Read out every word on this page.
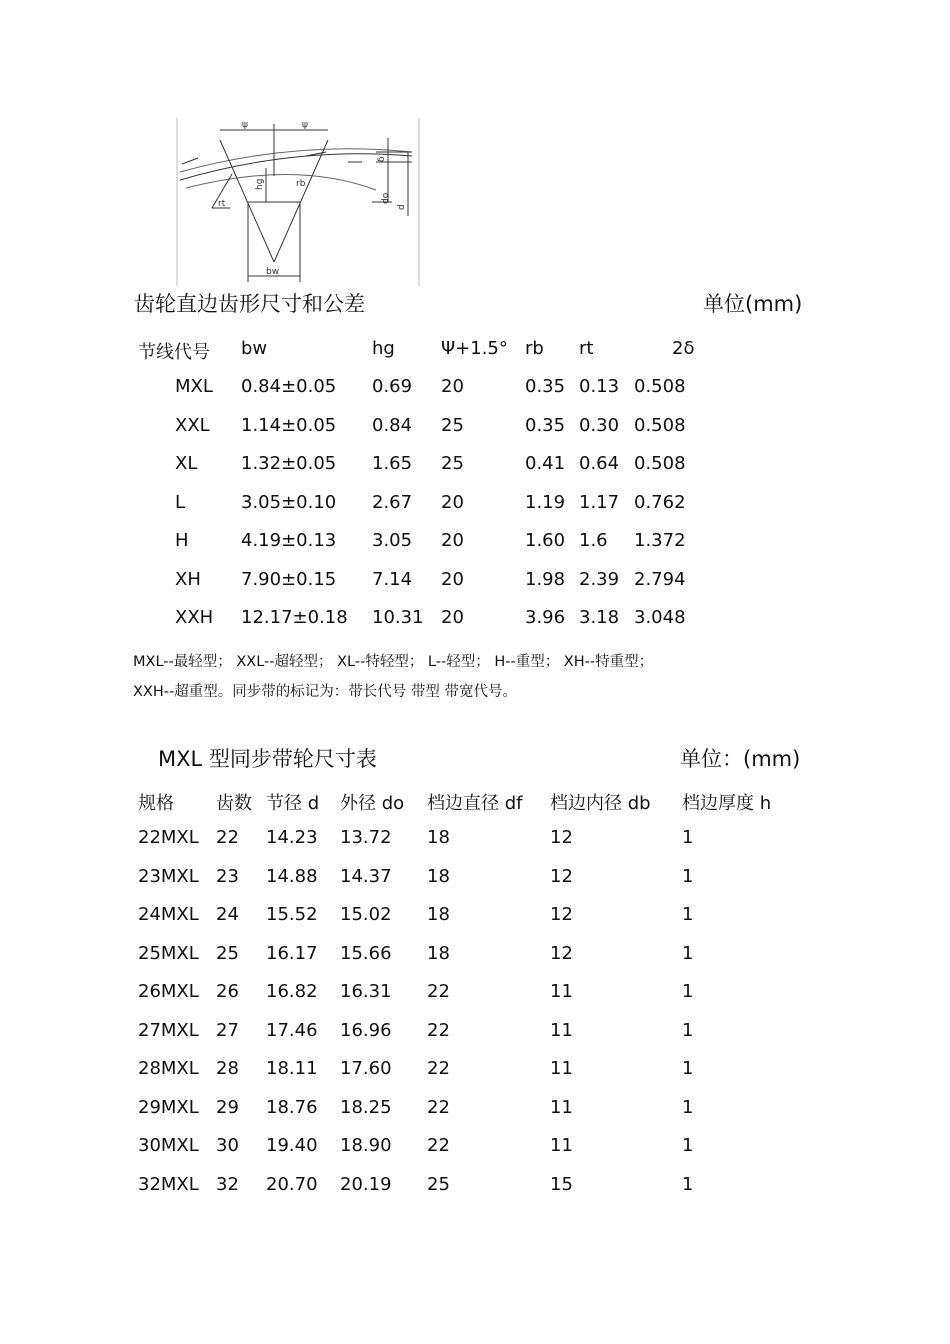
ψ	ψ
hg	rb
rt
bw
do
d
δ
齿轮直边齿形尺寸和公差	单位(mm)
节线代号 bw	hg	Ψ+1.5° rb rt	2δ
MXL 0.84±0.05 0.69 20	0.35 0.13 0.508
XXL 1.14±0.05 0.84 25	0.35 0.30 0.508
XL 1.32±0.05 1.65 25	0.41 0.64 0.508
L	3.05±0.10 2.67 20	1.19 1.17 0.762
H	4.19±0.13 3.05 20	1.60 1.6 1.372
XH 7.90±0.15 7.14 20	1.98 2.39 2.794
XXH 12.17±0.18 10.31 20	3.96 3.18 3.048
MXL--最轻型； XXL--超轻型； XL--特轻型； L--轻型； H--重型； XH--特重型；
XXH--超重型。同步带的标记为：带长代号 带型 带宽代号。
MXL 型同步带轮尺寸表	单位：(mm)
规格 齿数 节径 d 外径 do 档边直径 df 档边内径 db 档边厚度 h
22MXL 22 14.23 13.72 18	12	1
23MXL 23 14.88 14.37 18	12	1
24MXL 24 15.52 15.02 18	12	1
25MXL 25 16.17 15.66 18	12	1
26MXL 26 16.82 16.31 22	11	1
27MXL 27 17.46 16.96 22	11	1
28MXL 28 18.11 17.60 22	11	1
29MXL 29 18.76 18.25 22	11	1
30MXL 30 19.40 18.90 22	11	1
32MXL 32 20.70 20.19 25	15	1
